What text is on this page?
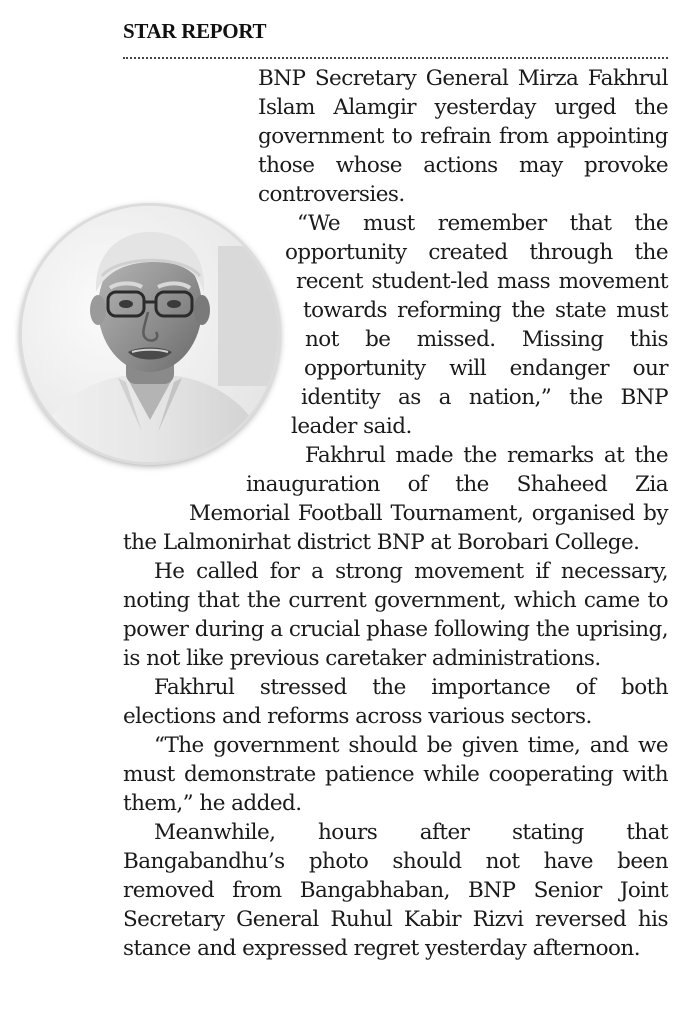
STAR REPORT

BNP Secretary General Mirza Fakhrul Islam Alamgir yesterday urged the government to refrain from appointing those whose actions may provoke controversies.

“We must remember that the opportunity created through the recent student-led mass movement towards reforming the state must not be missed. Missing this opportunity will endanger our identity as a nation,” the BNP leader said.

Fakhrul made the remarks at the inauguration of the Shaheed Zia Memorial Football Tournament, organised by the Lalmonirhat district BNP at Borobari College.

He called for a strong movement if necessary, noting that the current government, which came to power during a crucial phase following the uprising, is not like previous caretaker administrations.

Fakhrul stressed the importance of both elections and reforms across various sectors.

“The government should be given time, and we must demonstrate patience while cooperating with them,” he added.

Meanwhile, hours after stating that Bangabandhu’s photo should not have been removed from Bangabhaban, BNP Senior Joint Secretary General Ruhul Kabir Rizvi reversed his stance and expressed regret yesterday afternoon.
